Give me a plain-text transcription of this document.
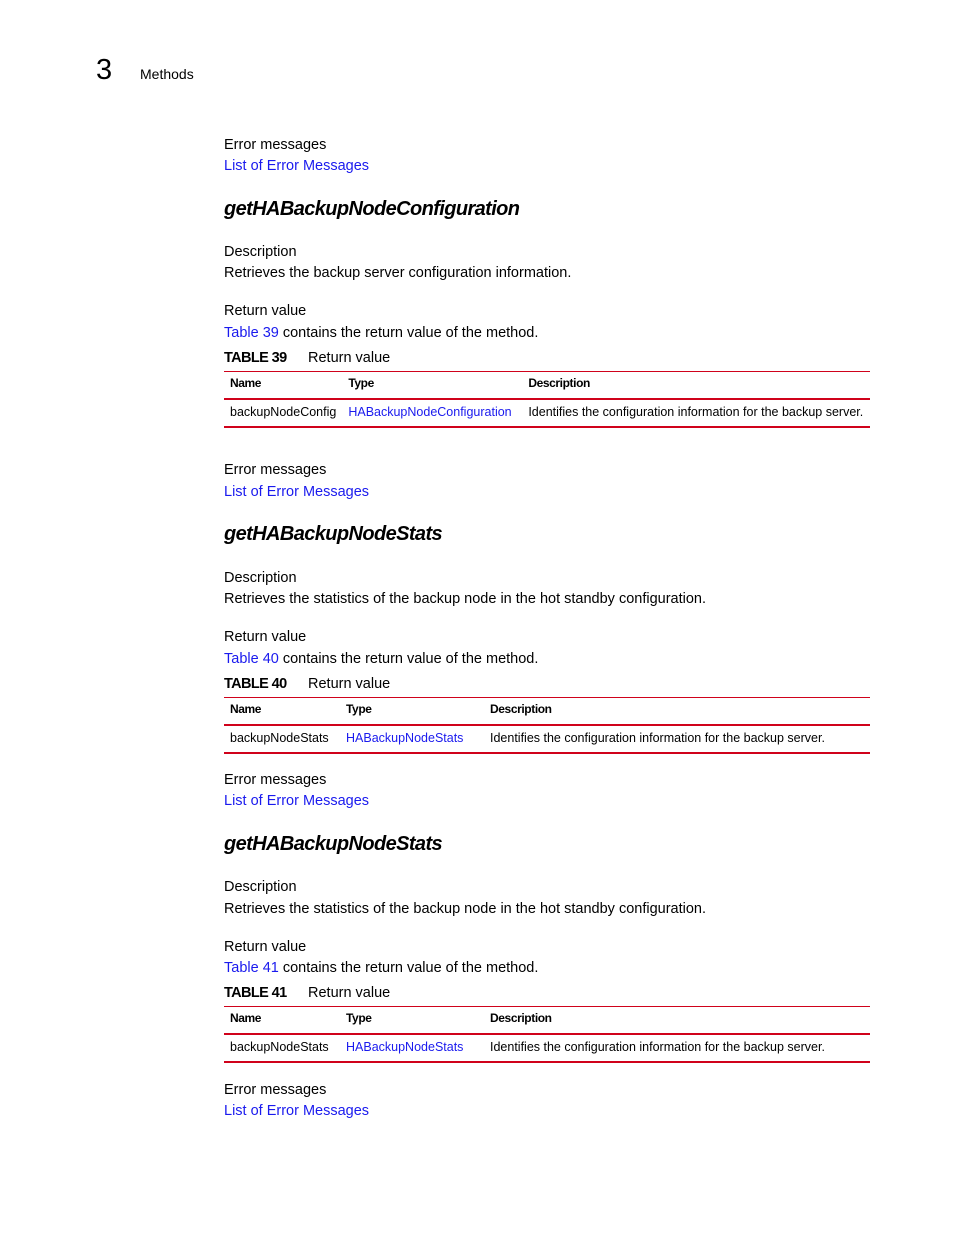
3 Methods
Error messages
List of Error Messages
getHABackupNodeConfiguration
Description
Retrieves the backup server configuration information.
Return value
Table 39 contains the return value of the method.
TABLE 39 Return value
Name	Type	Description
backupNodeConfig	HABackupNodeConfiguration	Identifies the configuration information for the backup server.
Error messages
List of Error Messages
getHABackupNodeStats
Description
Retrieves the statistics of the backup node in the hot standby configuration.
Return value
Table 40 contains the return value of the method.
TABLE 40 Return value
Name	Type	Description
backupNodeStats	HABackupNodeStats	Identifies the configuration information for the backup server.
Error messages
List of Error Messages
getHABackupNodeStats
Description
Retrieves the statistics of the backup node in the hot standby configuration.
Return value
Table 41 contains the return value of the method.
TABLE 41 Return value
Name	Type	Description
backupNodeStats	HABackupNodeStats	Identifies the configuration information for the backup server.
Error messages
List of Error Messages
